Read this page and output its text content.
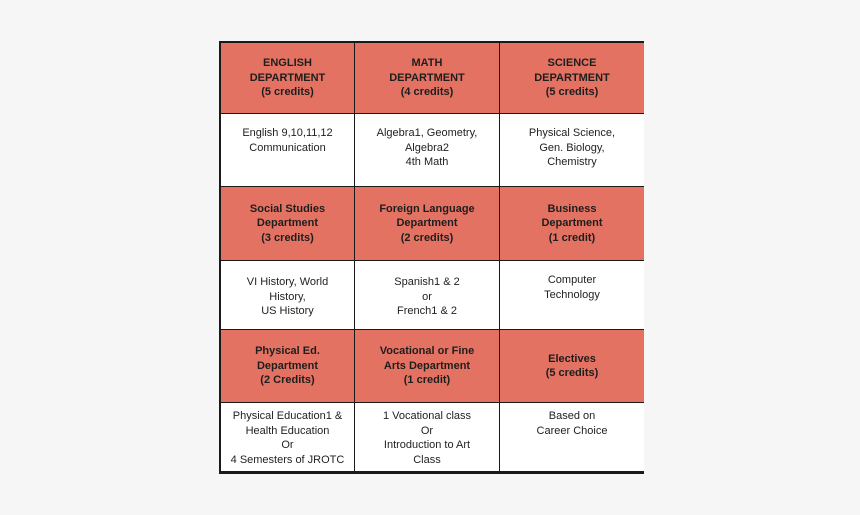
ENGLISH
DEPARTMENT
(5 credits)
MATH
DEPARTMENT
(4 credits)
SCIENCE
DEPARTMENT
(5 credits)
English 9,10,11,12
Communication
Algebra1, Geometry,
Algebra2
4th Math
Physical Science,
Gen. Biology,
Chemistry
Social Studies
Department
(3 credits)
Foreign Language
Department
(2 credits)
Business
Department
(1 credit)
VI History, World
History,
US History
Spanish1 & 2
or
French1 & 2
Computer
Technology
Physical Ed.
Department
(2 Credits)
Vocational or Fine
Arts Department
(1 credit)
Electives
(5 credits)
Physical Education1 &
Health Education
Or
4 Semesters of JROTC
1 Vocational class
Or
Introduction to Art
Class
Based on
Career Choice
